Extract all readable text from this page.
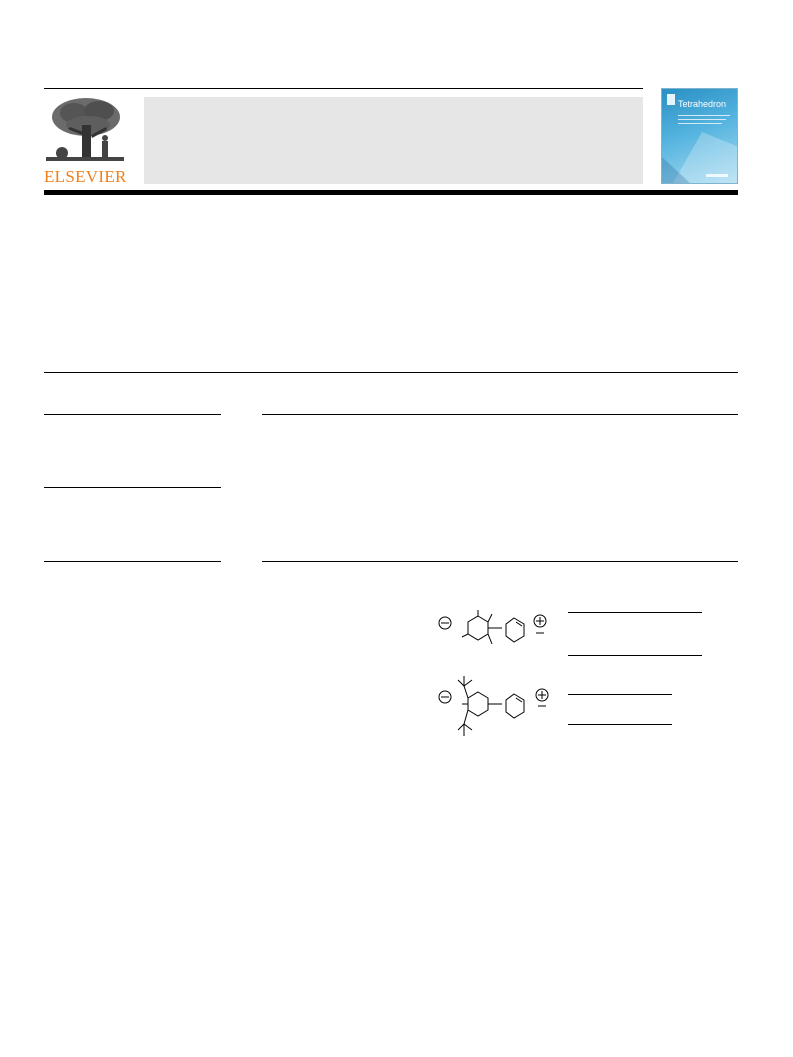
ELSEVIER
Tetrahedron
